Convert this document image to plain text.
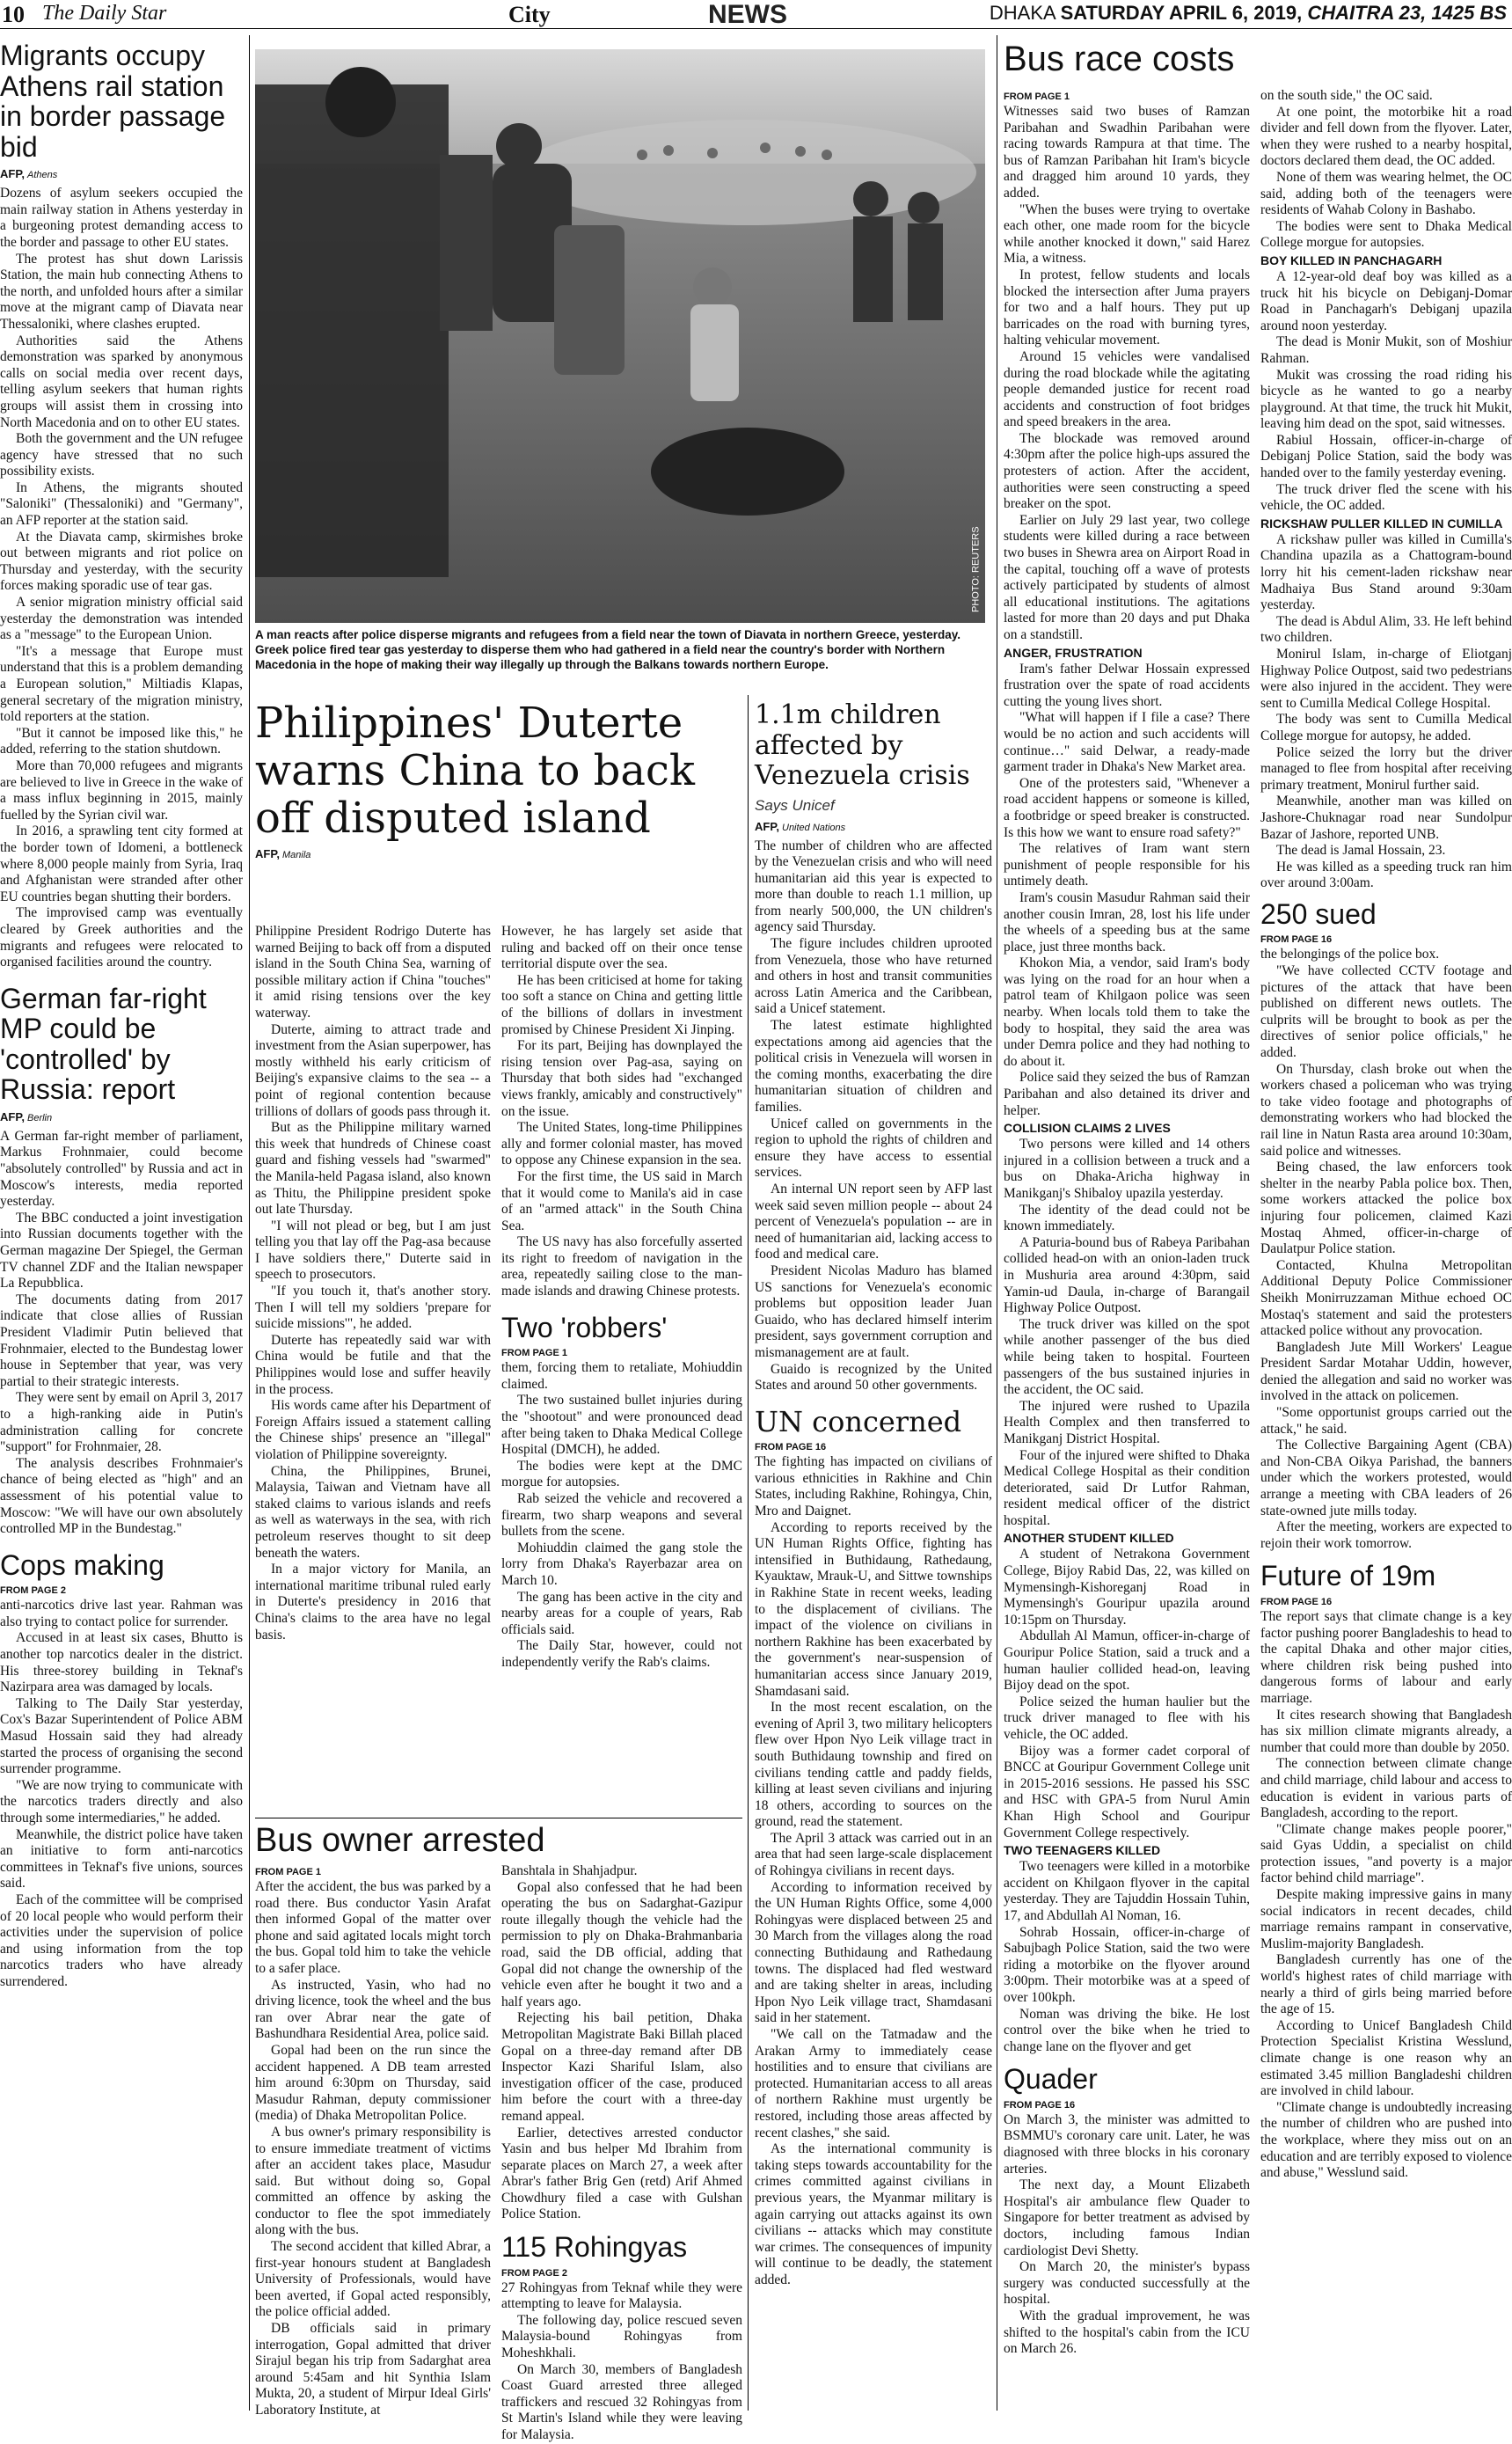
10 The Daily Star	City	NEWS	DHAKA SATURDAY APRIL 6, 2019, CHAITRA 23, 1425 BS
Migrants occupy Athens rail station in border passage bid
AFP, Athens

Dozens of asylum seekers occupied the main railway station in Athens yesterday in a burgeoning protest demanding access to the border and passage to other EU states.

The protest has shut down Larissis Station, the main hub connecting Athens to the north, and unfolded hours after a similar move at the migrant camp of Diavata near Thessaloniki, where clashes erupted.

Authorities said the Athens demonstration was sparked by anonymous calls on social media over recent days, telling asylum seekers that human rights groups will assist them in crossing into North Macedonia and on to other EU states.

Both the government and the UN refugee agency have stressed that no such possibility exists.

In Athens, the migrants shouted "Saloniki" (Thessaloniki) and "Germany", an AFP reporter at the station said.

At the Diavata camp, skirmishes broke out between migrants and riot police on Thursday and yesterday, with the security forces making sporadic use of tear gas.

A senior migration ministry official said yesterday the demonstration was intended as a "message" to the European Union.

"It's a message that Europe must understand that this is a problem demanding a European solution," Miltiadis Klapas, general secretary of the migration ministry, told reporters at the station.

"But it cannot be imposed like this," he added, referring to the station shutdown.

More than 70,000 refugees and migrants are believed to live in Greece in the wake of a mass influx beginning in 2015, mainly fuelled by the Syrian civil war.

In 2016, a sprawling tent city formed at the border town of Idomeni, a bottleneck where 8,000 people mainly from Syria, Iraq and Afghanistan were stranded after other EU countries began shutting their borders.

The improvised camp was eventually cleared by Greek authorities and the migrants and refugees were relocated to organised facilities around the country.

German far-right MP could be 'controlled' by Russia: report
AFP, Berlin

A German far-right member of parliament, Markus Frohnmaier, could become "absolutely controlled" by Russia and act in Moscow's interests, media reported yesterday.

The BBC conducted a joint investigation into Russian documents together with the German magazine Der Spiegel, the German TV channel ZDF and the Italian newspaper La Repubblica.

The documents dating from 2017 indicate that close allies of Russian President Vladimir Putin believed that Frohnmaier, elected to the Bundestag lower house in September that year, was very partial to their strategic interests.

They were sent by email on April 3, 2017 to a high-ranking aide in Putin's administration calling for concrete "support" for Frohnmaier, 28.

The analysis describes Frohnmaier's chance of being elected as "high" and an assessment of his potential value to Moscow: "We will have our own absolutely controlled MP in the Bundestag."

Cops making
FROM PAGE 2

anti-narcotics drive last year. Rahman was also trying to contact police for surrender.

Accused in at least six cases, Bhutto is another top narcotics dealer in the district. His three-storey building in Teknaf's Nazirpara area was damaged by locals.

Talking to The Daily Star yesterday, Cox's Bazar Superintendent of Police ABM Masud Hossain said they had already started the process of organising the second surrender programme.

"We are now trying to communicate with the narcotics traders directly and also through some intermediaries," he added.

Meanwhile, the district police have taken an initiative to form anti-narcotics committees in Teknaf's five unions, sources said.

Each of the committee will be comprised of 20 local people who would perform their activities under the supervision of police and using information from the top narcotics traders who have already surrendered.

PHOTO: REUTERS
A man reacts after police disperse migrants and refugees from a field near the town of Diavata in northern Greece, yesterday. Greek police fired tear gas yesterday to disperse them who had gathered in a field near the country's border with Northern Macedonia in the hope of making their way illegally up through the Balkans towards northern Europe.
Philippines' Duterte warns China to back off disputed island
AFP, Manila

Philippine President Rodrigo Duterte has warned Beijing to back off from a disputed island in the South China Sea, warning of possible military action if China "touches" it amid rising tensions over the key waterway.

Duterte, aiming to attract trade and investment from the Asian superpower, has mostly withheld his early criticism of Beijing's expansive claims to the sea -- a point of regional contention because trillions of dollars of goods pass through it.

But as the Philippine military warned this week that hundreds of Chinese coast guard and fishing vessels had "swarmed" the Manila-held Pagasa island, also known as Thitu, the Philippine president spoke out late Thursday.

"I will not plead or beg, but I am just telling you that lay off the Pag-asa because I have soldiers there," Duterte said in speech to prosecutors.

"If you touch it, that's another story. Then I will tell my soldiers 'prepare for suicide missions'", he added.

Duterte has repeatedly said war with China would be futile and that the Philippines would lose and suffer heavily in the process.

His words came after his Department of Foreign Affairs issued a statement calling the Chinese ships' presence an "illegal" violation of Philippine sovereignty.

China, the Philippines, Brunei, Malaysia, Taiwan and Vietnam have all staked claims to various islands and reefs as well as waterways in the sea, with rich petroleum reserves thought to sit deep beneath the waters.

In a major victory for Manila, an international maritime tribunal ruled early in Duterte's presidency in 2016 that China's claims to the area have no legal basis.

However, he has largely set aside that ruling and backed off on their once tense territorial dispute over the sea.

He has been criticised at home for taking too soft a stance on China and getting little of the billions of dollars in investment promised by Chinese President Xi Jinping.

For its part, Beijing has downplayed the rising tension over Pag-asa, saying on Thursday that both sides had "exchanged views frankly, amicably and constructively" on the issue.

The United States, long-time Philippines ally and former colonial master, has moved to oppose any Chinese expansion in the sea.

For the first time, the US said in March that it would come to Manila's aid in case of an "armed attack" in the South China Sea.

The US navy has also forcefully asserted its right to freedom of navigation in the area, repeatedly sailing close to the man-made islands and drawing Chinese protests.

Two 'robbers'
FROM PAGE 1

them, forcing them to retaliate, Mohiuddin claimed.

The two sustained bullet injuries during the "shootout" and were pronounced dead after being taken to Dhaka Medical College Hospital (DMCH), he added.

The bodies were kept at the DMC morgue for autopsies.

Rab seized the vehicle and recovered a firearm, two sharp weapons and several bullets from the scene.

Mohiuddin claimed the gang stole the lorry from Dhaka's Rayerbazar area on March 10.

The gang has been active in the city and nearby areas for a couple of years, Rab officials said.

The Daily Star, however, could not independently verify the Rab's claims.

Bus owner arrested
FROM PAGE 1

After the accident, the bus was parked by a road there. Bus conductor Yasin Arafat then informed Gopal of the matter over phone and said agitated locals might torch the bus. Gopal told him to take the vehicle to a safer place.

As instructed, Yasin, who had no driving licence, took the wheel and the bus ran over Abrar near the gate of Bashundhara Residential Area, police said.

Gopal had been on the run since the accident happened. A DB team arrested him around 6:30pm on Thursday, said Masudur Rahman, deputy commissioner (media) of Dhaka Metropolitan Police.

A bus owner's primary responsibility is to ensure immediate treatment of victims after an accident takes place, Masudur said. But without doing so, Gopal committed an offence by asking the conductor to flee the spot immediately along with the bus.

The second accident that killed Abrar, a first-year honours student at Bangladesh University of Professionals, would have been averted, if Gopal acted responsibly, the police official added.

DB officials said in primary interrogation, Gopal admitted that driver Sirajul began his trip from Sadarghat area around 5:45am and hit Synthia Islam Mukta, 20, a student of Mirpur Ideal Girls' Laboratory Institute, at

Banshtala in Shahjadpur.

Gopal also confessed that he had been operating the bus on Sadarghat-Gazipur route illegally though the vehicle had the permission to ply on Dhaka-Brahmanbaria road, said the DB official, adding that Gopal did not change the ownership of the vehicle even after he bought it two and a half years ago.

Rejecting his bail petition, Dhaka Metropolitan Magistrate Baki Billah placed Gopal on a three-day remand after DB Inspector Kazi Shariful Islam, also investigation officer of the case, produced him before the court with a three-day remand appeal.

Earlier, detectives arrested conductor Yasin and bus helper Md Ibrahim from separate places on March 27, a week after Abrar's father Brig Gen (retd) Arif Ahmed Chowdhury filed a case with Gulshan Police Station.

115 Rohingyas
FROM PAGE 2

27 Rohingyas from Teknaf while they were attempting to leave for Malaysia.

The following day, police rescued seven Malaysia-bound Rohingyas from Moheshkhali.

On March 30, members of Bangladesh Coast Guard arrested three alleged traffickers and rescued 32 Rohingyas from St Martin's Island while they were leaving for Malaysia.

1.1m children affected by Venezuela crisis
Says Unicef
AFP, United Nations

The number of children who are affected by the Venezuelan crisis and who will need humanitarian aid this year is expected to more than double to reach 1.1 million, up from nearly 500,000, the UN children's agency said Thursday.

The figure includes children uprooted from Venezuela, those who have returned and others in host and transit communities across Latin America and the Caribbean, said a Unicef statement.

The latest estimate highlighted expectations among aid agencies that the political crisis in Venezuela will worsen in the coming months, exacerbating the dire humanitarian situation of children and families.

Unicef called on governments in the region to uphold the rights of children and ensure they have access to essential services.

An internal UN report seen by AFP last week said seven million people -- about 24 percent of Venezuela's population -- are in need of humanitarian aid, lacking access to food and medical care.

President Nicolas Maduro has blamed US sanctions for Venezuela's economic problems but opposition leader Juan Guaido, who has declared himself interim president, says government corruption and mismanagement are at fault.

Guaido is recognized by the United States and around 50 other governments.

UN concerned
FROM PAGE 16

The fighting has impacted on civilians of various ethnicities in Rakhine and Chin States, including Rakhine, Rohingya, Chin, Mro and Daignet.

According to reports received by the UN Human Rights Office, fighting has intensified in Buthidaung, Rathedaung, Kyauktaw, Mrauk-U, and Sittwe townships in Rakhine State in recent weeks, leading to the displacement of civilians. The impact of the violence on civilians in northern Rakhine has been exacerbated by the government's near-suspension of humanitarian access since January 2019, Shamdasani said.

In the most recent escalation, on the evening of April 3, two military helicopters flew over Hpon Nyo Leik village tract in south Buthidaung township and fired on civilians tending cattle and paddy fields, killing at least seven civilians and injuring 18 others, according to sources on the ground, read the statement.

The April 3 attack was carried out in an area that had seen large-scale displacement of Rohingya civilians in recent days.

According to information received by the UN Human Rights Office, some 4,000 Rohingyas were displaced between 25 and 30 March from the villages along the road connecting Buthidaung and Rathedaung towns. The displaced had fled westward and are taking shelter in areas, including Hpon Nyo Leik village tract, Shamdasani said in her statement.

"We call on the Tatmadaw and the Arakan Army to immediately cease hostilities and to ensure that civilians are protected. Humanitarian access to all areas of northern Rakhine must urgently be restored, including those areas affected by recent clashes," she said.

As the international community is taking steps towards accountability for the crimes committed against civilians in previous years, the Myanmar military is again carrying out attacks against its own civilians -- attacks which may constitute war crimes. The consequences of impunity will continue to be deadly, the statement added.

Bus race costs
FROM PAGE 1

Witnesses said two buses of Ramzan Paribahan and Swadhin Paribahan were racing towards Rampura at that time. The bus of Ramzan Paribahan hit Iram's bicycle and dragged him around 10 yards, they added.

"When the buses were trying to overtake each other, one made room for the bicycle while another knocked it down," said Harez Mia, a witness.

In protest, fellow students and locals blocked the intersection after Juma prayers for two and a half hours. They put up barricades on the road with burning tyres, halting vehicular movement.

Around 15 vehicles were vandalised during the road blockade while the agitating people demanded justice for recent road accidents and construction of foot bridges and speed breakers in the area.

The blockade was removed around 4:30pm after the police high-ups assured the protesters of action. After the accident, authorities were seen constructing a speed breaker on the spot.

Earlier on July 29 last year, two college students were killed during a race between two buses in Shewra area on Airport Road in the capital, touching off a wave of protests actively participated by students of almost all educational institutions. The agitations lasted for more than 20 days and put Dhaka on a standstill.

ANGER, FRUSTRATION

Iram's father Delwar Hossain expressed frustration over the spate of road accidents cutting the young lives short.

"What will happen if I file a case? There would be no action and such accidents will continue…" said Delwar, a ready-made garment trader in Dhaka's New Market area.

One of the protesters said, "Whenever a road accident happens or someone is killed, a footbridge or speed breaker is constructed. Is this how we want to ensure road safety?"

The relatives of Iram want stern punishment of people responsible for his untimely death.

Iram's cousin Masudur Rahman said their another cousin Imran, 28, lost his life under the wheels of a speeding bus at the same place, just three months back.

Khokon Mia, a vendor, said Iram's body was lying on the road for an hour when a patrol team of Khilgaon police was seen nearby. When locals told them to take the body to hospital, they said the area was under Demra police and they had nothing to do about it.

Police said they seized the bus of Ramzan Paribahan and also detained its driver and helper.

COLLISION CLAIMS 2 LIVES

Two persons were killed and 14 others injured in a collision between a truck and a bus on Dhaka-Aricha highway in Manikganj's Shibaloy upazila yesterday.

The identity of the dead could not be known immediately.

A Paturia-bound bus of Rabeya Paribahan collided head-on with an onion-laden truck in Mushuria area around 4:30pm, said Yamin-ud Daula, in-charge of Barangail Highway Police Outpost.

The truck driver was killed on the spot while another passenger of the bus died while being taken to hospital. Fourteen passengers of the bus sustained injuries in the accident, the OC said.

The injured were rushed to Upazila Health Complex and then transferred to Manikganj District Hospital.

Four of the injured were shifted to Dhaka Medical College Hospital as their condition deteriorated, said Dr Lutfor Rahman, resident medical officer of the district hospital.

ANOTHER STUDENT KILLED

A student of Netrakona Government College, Bijoy Rabid Das, 22, was killed on Mymensingh-Kishoreganj Road in Mymensingh's Gouripur upazila around 10:15pm on Thursday.

Abdullah Al Mamun, officer-in-charge of Gouripur Police Station, said a truck and a human haulier collided head-on, leaving Bijoy dead on the spot.

Police seized the human haulier but the truck driver managed to flee with his vehicle, the OC added.

Bijoy was a former cadet corporal of BNCC at Gouripur Government College unit in 2015-2016 sessions. He passed his SSC and HSC with GPA-5 from Nurul Amin Khan High School and Gouripur Government College respectively.

TWO TEENAGERS KILLED

Two teenagers were killed in a motorbike accident on Khilgaon flyover in the capital yesterday. They are Tajuddin Hossain Tuhin, 17, and Abdullah Al Noman, 16.

Sohrab Hossain, officer-in-charge of Sabujbagh Police Station, said the two were riding a motorbike on the flyover around 3:00pm. Their motorbike was at a speed of over 100kph.

Noman was driving the bike. He lost control over the bike when he tried to change lane on the flyover and get

Quader
FROM PAGE 16

On March 3, the minister was admitted to BSMMU's coronary care unit. Later, he was diagnosed with three blocks in his coronary arteries.

The next day, a Mount Elizabeth Hospital's air ambulance flew Quader to Singapore for better treatment as advised by doctors, including famous Indian cardiologist Devi Shetty.

On March 20, the minister's bypass surgery was conducted successfully at the hospital.

With the gradual improvement, he was shifted to the hospital's cabin from the ICU on March 26.

on the south side," the OC said.

At one point, the motorbike hit a road divider and fell down from the flyover. Later, when they were rushed to a nearby hospital, doctors declared them dead, the OC added.

None of them was wearing helmet, the OC said, adding both of the teenagers were residents of Wahab Colony in Bashabo.

The bodies were sent to Dhaka Medical College morgue for autopsies.

BOY KILLED IN PANCHAGARH

A 12-year-old deaf boy was killed as a truck hit his bicycle on Debiganj-Domar Road in Panchagarh's Debiganj upazila around noon yesterday.

The dead is Monir Mukit, son of Moshiur Rahman.

Mukit was crossing the road riding his bicycle as he wanted to go a nearby playground. At that time, the truck hit Mukit, leaving him dead on the spot, said witnesses.

Rabiul Hossain, officer-in-charge of Debiganj Police Station, said the body was handed over to the family yesterday evening.

The truck driver fled the scene with his vehicle, the OC added.

RICKSHAW PULLER KILLED IN CUMILLA

A rickshaw puller was killed in Cumilla's Chandina upazila as a Chattogram-bound lorry hit his cement-laden rickshaw near Madhaiya Bus Stand around 9:30am yesterday.

The dead is Abdul Alim, 33. He left behind two children.

Monirul Islam, in-charge of Eliotganj Highway Police Outpost, said two pedestrians were also injured in the accident. They were sent to Cumilla Medical College Hospital.

The body was sent to Cumilla Medical College morgue for autopsy, he added.

Police seized the lorry but the driver managed to flee from hospital after receiving primary treatment, Monirul further said.

Meanwhile, another man was killed on Jashore-Chuknagar road near Sundolpur Bazar of Jashore, reported UNB.

The dead is Jamal Hossain, 23.

He was killed as a speeding truck ran him over around 3:00am.

250 sued
FROM PAGE 16

the belongings of the police box.

"We have collected CCTV footage and pictures of the attack that have been published on different news outlets. The culprits will be brought to book as per the directives of senior police officials," he added.

On Thursday, clash broke out when the workers chased a policeman who was trying to take video footage and photographs of demonstrating workers who had blocked the rail line in Natun Rasta area around 10:30am, said police and witnesses.

Being chased, the law enforcers took shelter in the nearby Pabla police box. Then, some workers attacked the police box injuring four policemen, claimed Kazi Mostaq Ahmed, officer-in-charge of Daulatpur Police station.

Contacted, Khulna Metropolitan Additional Deputy Police Commissioner Sheikh Monirruzzaman Mithue echoed OC Mostaq's statement and said the protesters attacked police without any provocation.

Bangladesh Jute Mill Workers' League President Sardar Motahar Uddin, however, denied the allegation and said no worker was involved in the attack on policemen.

"Some opportunist groups carried out the attack," he said.

The Collective Bargaining Agent (CBA) and Non-CBA Oikya Parishad, the banners under which the workers protested, would arrange a meeting with CBA leaders of 26 state-owned jute mills today.

After the meeting, workers are expected to rejoin their work tomorrow.

Future of 19m
FROM PAGE 16

The report says that climate change is a key factor pushing poorer Bangladeshis to head to the capital Dhaka and other major cities, where children risk being pushed into dangerous forms of labour and early marriage.

It cites research showing that Bangladesh has six million climate migrants already, a number that could more than double by 2050.

The connection between climate change and child marriage, child labour and access to education is evident in various parts of Bangladesh, according to the report.

"Climate change makes people poorer," said Gyas Uddin, a specialist on child protection issues, "and poverty is a major factor behind child marriage".

Despite making impressive gains in many social indicators in recent decades, child marriage remains rampant in conservative, Muslim-majority Bangladesh.

Bangladesh currently has one of the world's highest rates of child marriage with nearly a third of girls being married before the age of 15.

According to Unicef Bangladesh Child Protection Specialist Kristina Wesslund, climate change is one reason why an estimated 3.45 million Bangladeshi children are involved in child labour.

"Climate change is undoubtedly increasing the number of children who are pushed into the workplace, where they miss out on an education and are terribly exposed to violence and abuse," Wesslund said.
